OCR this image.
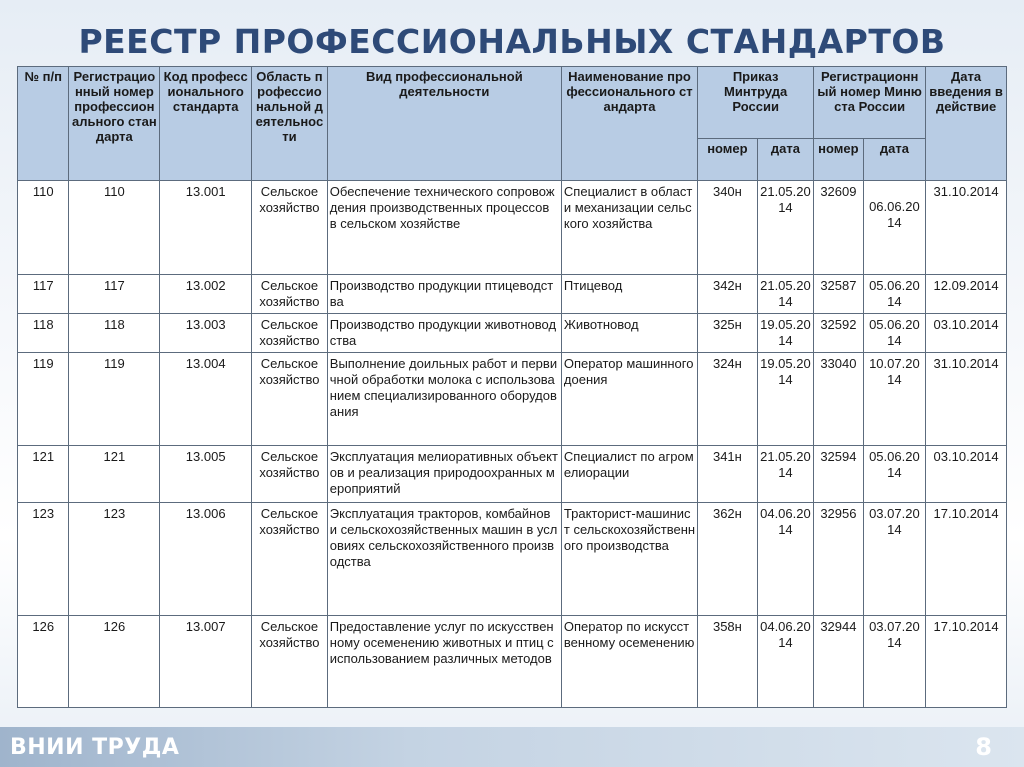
РЕЕСТР ПРОФЕССИОНАЛЬНЫХ СТАНДАРТОВ
№ п/п	Регистрационный номер профессионального стандарта	Код профессионального стандарта	Область профессиональной деятельности	Вид профессиональной деятельности	Наименование профессионального стандарта	Приказ Минтруда России		Регистрационный номер Минюста России		Дата введения в действие
						номер	дата	номер	дата	
110	110	13.001	Сельское хозяйство	Обеспечение технического сопровождения производственных процессов в сельском хозяйстве	Специалист в области механизации сельского хозяйства	340н	21.05.2014	32609	06.06.2014	31.10.2014
117	117	13.002	Сельское хозяйство	Производство продукции птицеводства	Птицевод	342н	21.05.2014	32587	05.06.2014	12.09.2014
118	118	13.003	Сельское хозяйство	Производство продукции животноводства	Животновод	325н	19.05.2014	32592	05.06.2014	03.10.2014
119	119	13.004	Сельское хозяйство	Выполнение доильных работ и первичной обработки молока с использованием специализированного оборудования	Оператор машинного доения	324н	19.05.2014	33040	10.07.2014	31.10.2014
121	121	13.005	Сельское хозяйство	Эксплуатация мелиоративных объектов и реализация природоохранных мероприятий	Специалист по агромелиорации	341н	21.05.2014	32594	05.06.2014	03.10.2014
123	123	13.006	Сельское хозяйство	Эксплуатация тракторов, комбайнов и сельскохозяйственных машин в условиях сельскохозяйственного производства	Тракторист-машинист сельскохозяйственного производства	362н	04.06.2014	32956	03.07.2014	17.10.2014
126	126	13.007	Сельское хозяйство	Предоставление услуг по искусственному осеменению животных и птиц с использованием различных методов	Оператор по искусственному осеменению	358н	04.06.2014	32944	03.07.2014	17.10.2014
ВНИИ ТРУДА	8
